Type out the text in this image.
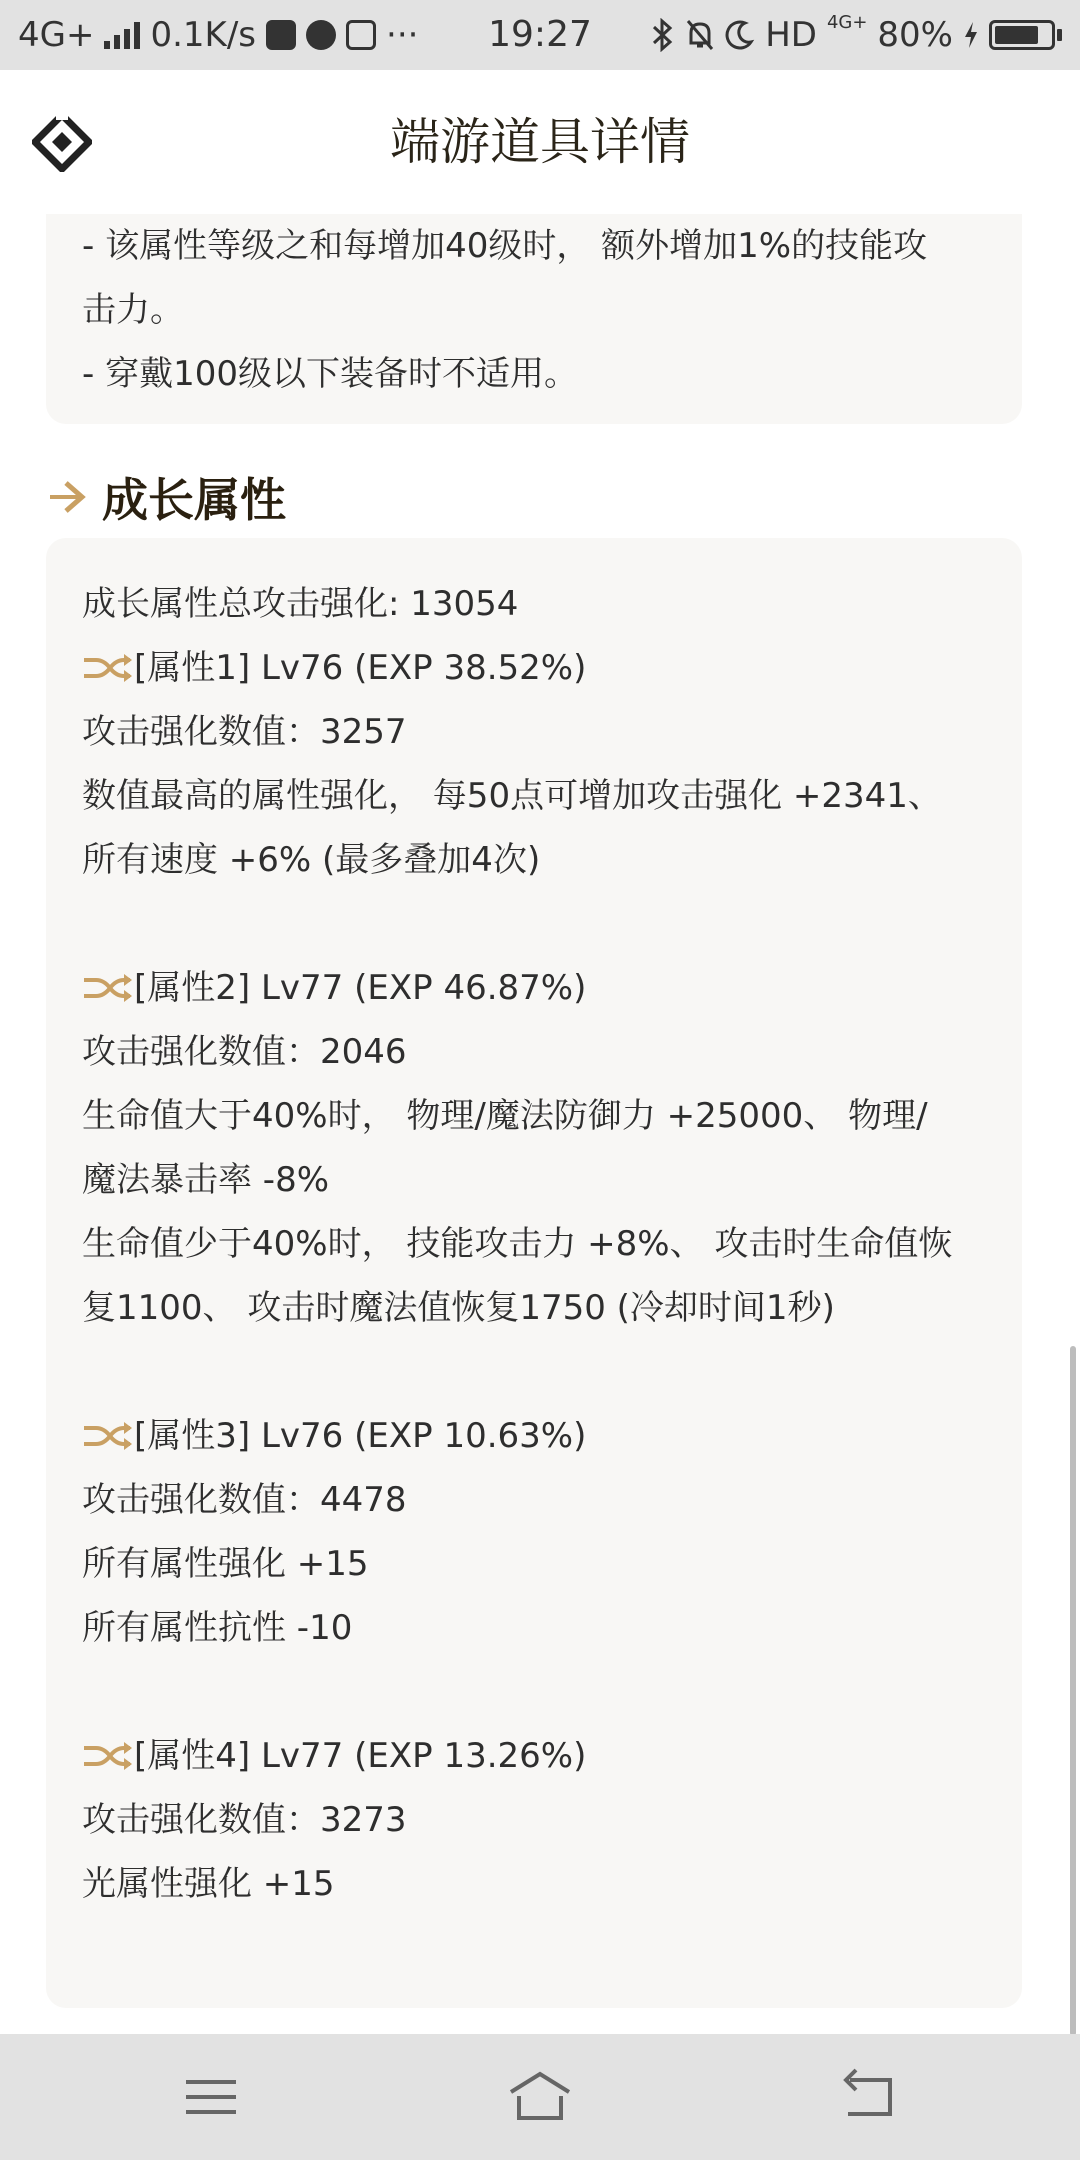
4G+ 0.1K/s	···	19:27	HD 4G+ 80%
端游道具详情
- 该属性等级之和每增加40级时， 额外增加1%的技能攻
击力。
- 穿戴100级以下装备时不适用。
成长属性
成长属性总攻击强化: 13054
[属性1] Lv76 (EXP 38.52%)
攻击强化数值：3257
数值最高的属性强化， 每50点可增加攻击强化 +2341、
所有速度 +6% (最多叠加4次)
[属性2] Lv77 (EXP 46.87%)
攻击强化数值：2046
生命值大于40%时， 物理/魔法防御力 +25000、 物理/
魔法暴击率 -8%
生命值少于40%时， 技能攻击力 +8%、 攻击时生命值恢
复1100、 攻击时魔法值恢复1750 (冷却时间1秒)
[属性3] Lv76 (EXP 10.63%)
攻击强化数值：4478
所有属性强化 +15
所有属性抗性 -10
[属性4] Lv77 (EXP 13.26%)
攻击强化数值：3273
光属性强化 +15
